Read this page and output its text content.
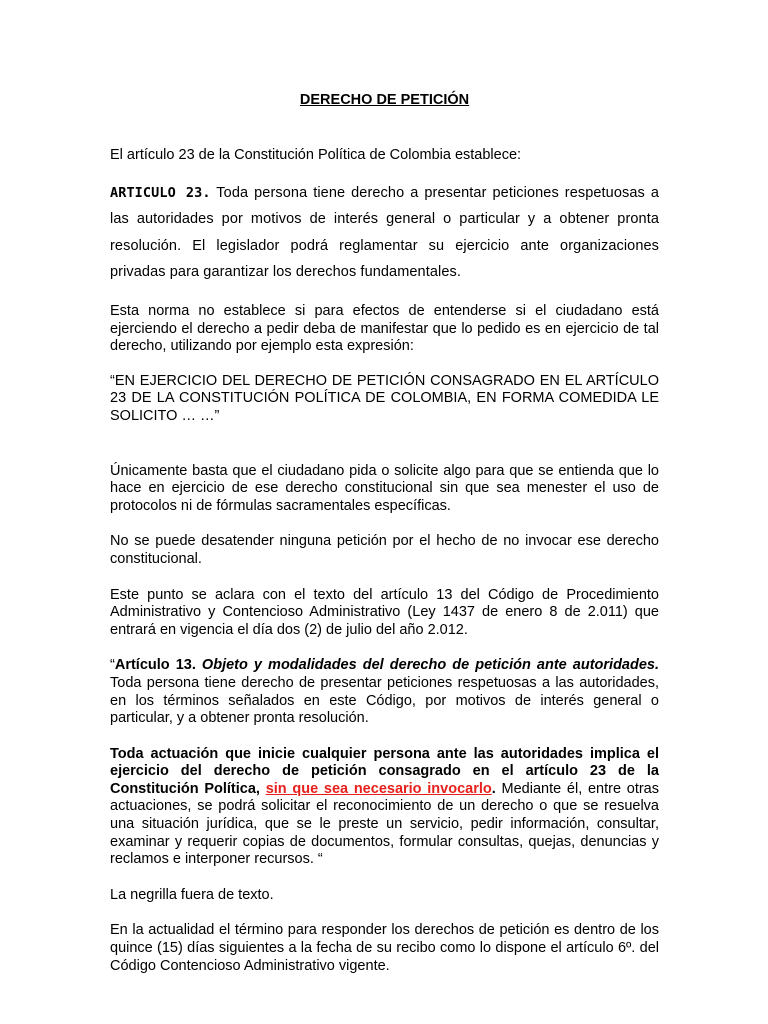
DERECHO DE PETICIÓN

El artículo 23 de la Constitución Política de Colombia establece:

ARTICULO 23. Toda persona tiene derecho a presentar peticiones respetuosas a las autoridades por motivos de interés general o particular y a obtener pronta resolución. El legislador podrá reglamentar su ejercicio ante organizaciones privadas para garantizar los derechos fundamentales.

Esta norma no establece si para efectos de entenderse si el ciudadano está ejerciendo el derecho a pedir deba de manifestar que lo pedido es en ejercicio de tal derecho, utilizando por ejemplo esta expresión:

“EN EJERCICIO DEL DERECHO DE PETICIÓN CONSAGRADO EN EL ARTÍCULO 23 DE LA CONSTITUCIÓN POLÍTICA DE COLOMBIA, EN FORMA COMEDIDA LE SOLICITO … …”

Únicamente basta que el ciudadano pida o solicite algo para que se entienda que lo hace en ejercicio de ese derecho constitucional sin que sea menester el uso de protocolos ni de fórmulas sacramentales específicas.

No se puede desatender ninguna petición por el hecho de no invocar ese derecho constitucional.

Este punto se aclara con el texto del artículo 13 del Código de Procedimiento Administrativo y Contencioso Administrativo (Ley 1437 de enero 8 de 2.011) que entrará en vigencia el día dos (2) de julio del año 2.012.

“Artículo 13. Objeto y modalidades del derecho de petición ante autoridades. Toda persona tiene derecho de presentar peticiones respetuosas a las autoridades, en los términos señalados en este Código, por motivos de interés general o particular, y a obtener pronta resolución.

Toda actuación que inicie cualquier persona ante las autoridades implica el ejercicio del derecho de petición consagrado en el artículo 23 de la Constitución Política, sin que sea necesario invocarlo. Mediante él, entre otras actuaciones, se podrá solicitar el reconocimiento de un derecho o que se resuelva una situación jurídica, que se le preste un servicio, pedir información, consultar, examinar y requerir copias de documentos, formular consultas, quejas, denuncias y reclamos e interponer recursos. “

La negrilla fuera de texto.

En la actualidad el término para responder los derechos de petición es dentro de los quince (15) días siguientes a la fecha de su recibo como lo dispone el artículo 6º. del Código Contencioso Administrativo vigente.
